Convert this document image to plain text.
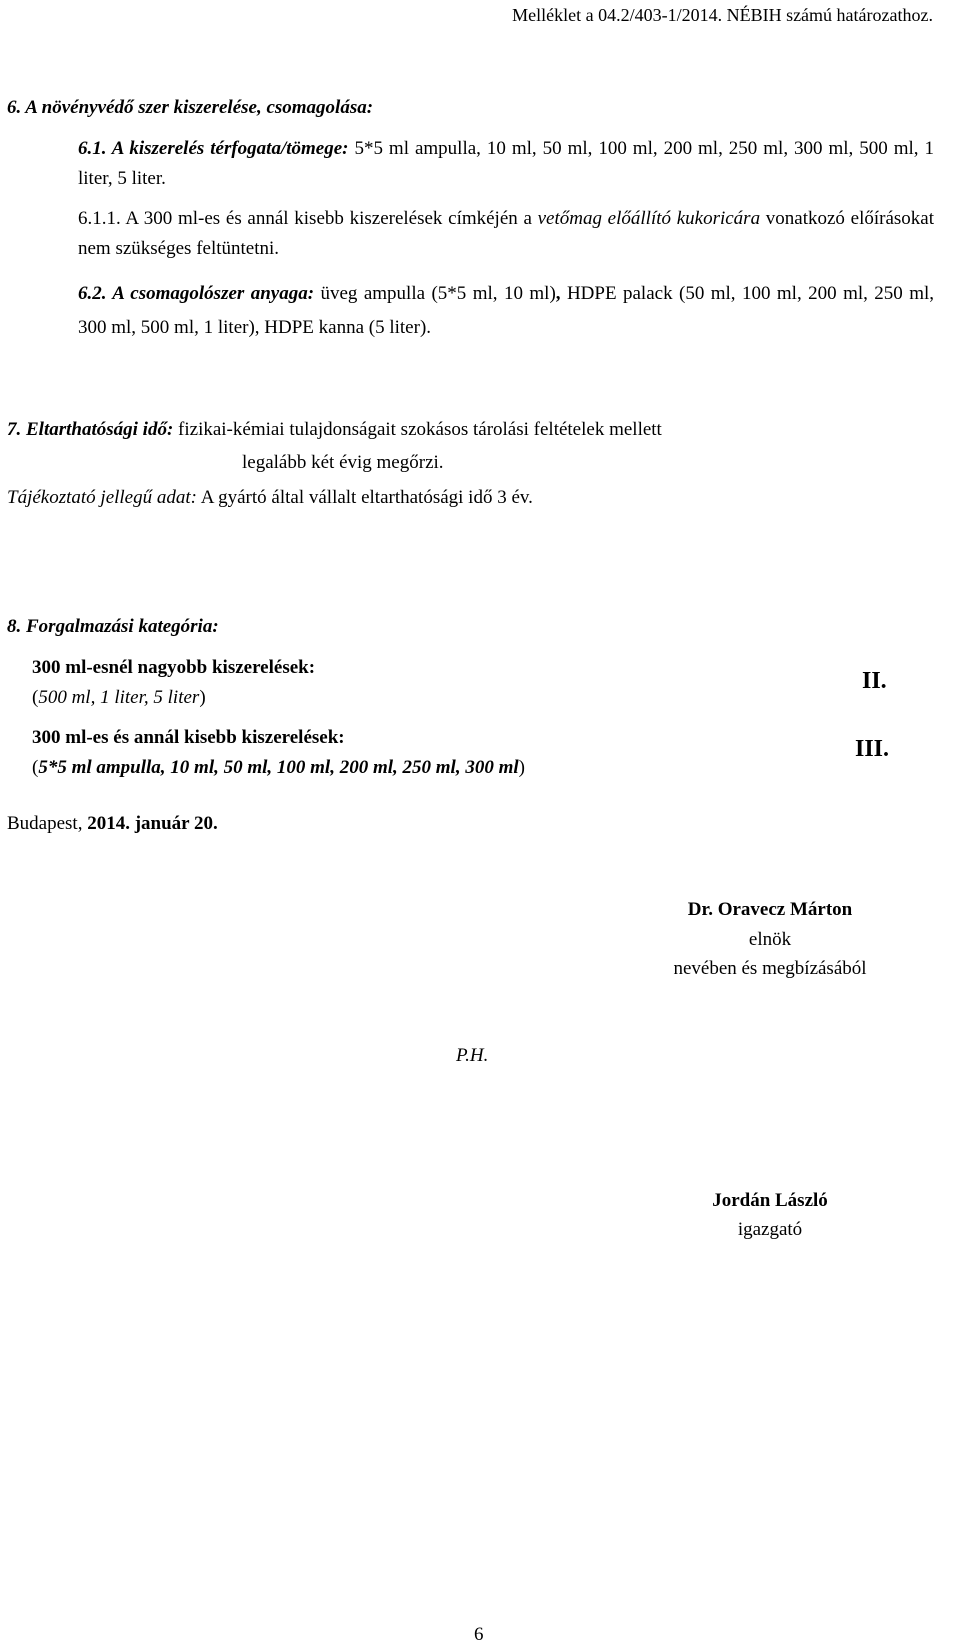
Melléklet a 04.2/403-1/2014. NÉBIH számú határozathoz.
6. A növényvédő szer kiszerelése, csomagolása:
6.1. A kiszerelés térfogata/tömege: 5*5 ml ampulla, 10 ml, 50 ml, 100 ml, 200 ml, 250 ml, 300 ml, 500 ml, 1 liter, 5 liter.
6.1.1. A 300 ml-es és annál kisebb kiszerelések címkéjén a vetőmag előállító kukoricára vonatkozó előírásokat nem szükséges feltüntetni.
6.2. A csomagolószer anyaga: üveg ampulla (5*5 ml, 10 ml), HDPE palack (50 ml, 100 ml, 200 ml, 250 ml, 300 ml, 500 ml, 1 liter), HDPE kanna (5 liter).
7. Eltarthatósági idő: fizikai-kémiai tulajdonságait szokásos tárolási feltételek mellett
legalább két évig megőrzi.
Tájékoztató jellegű adat: A gyártó által vállalt eltarthatósági idő 3 év.
8. Forgalmazási kategória:
300 ml-esnél nagyobb kiszerelések:
(500 ml, 1 liter, 5 liter)
II.
300 ml-es és annál kisebb kiszerelések:
(5*5 ml ampulla, 10 ml, 50 ml, 100 ml, 200 ml, 250 ml, 300 ml)
III.
Budapest, 2014. január 20.
Dr. Oravecz Márton
elnök
nevében és megbízásából
P.H.
Jordán László
igazgató
6
